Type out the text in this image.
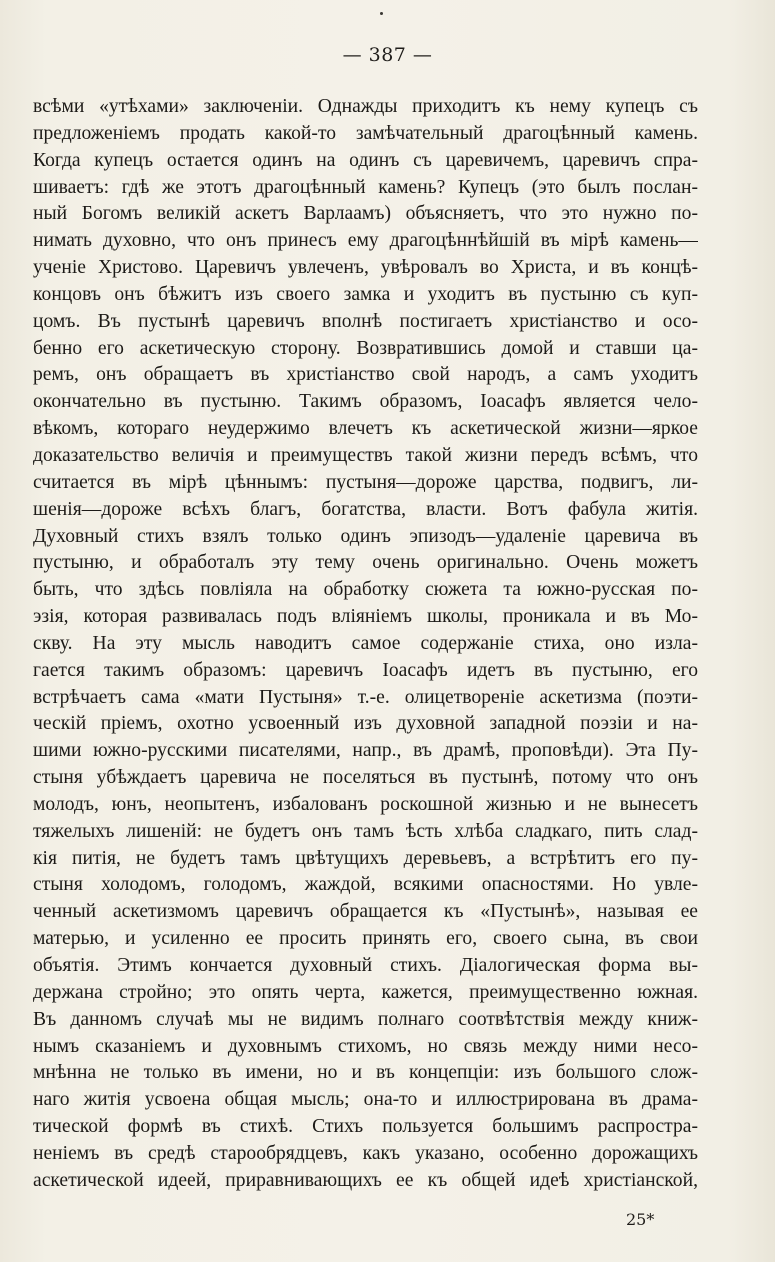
— 387 —
всѣми «утѣхами» заключенiи. Однажды приходитъ къ нему купецъ съ
предложенiемъ продать какой-то замѣчательный драгоцѣнный камень.
Когда купецъ остается одинъ на одинъ съ царевичемъ, царевичъ спра-
шиваетъ: гдѣ же этотъ драгоцѣнный камень? Купецъ (это былъ послан-
ный Богомъ великiй аскетъ Варлаамъ) объясняетъ, что это нужно по-
нимать духовно, что онъ принесъ ему драгоцѣннѣйшiй въ мiрѣ камень—
ученiе Христово. Царевичъ увлеченъ, увѣровалъ во Христа, и въ концѣ-
концовъ онъ бѣжитъ изъ своего замка и уходитъ въ пустыню съ куп-
цомъ. Въ пустынѣ царевичъ вполнѣ постигаетъ христiанство и осо-
бенно его аскетическую сторону. Возвратившись домой и ставши ца-
ремъ, онъ обращаетъ въ христiанство свой народъ, а самъ уходитъ
окончательно въ пустыню. Такимъ образомъ, Iоасафъ является чело-
вѣкомъ, котораго неудержимо влечетъ къ аскетической жизни—яркое
доказательство величiя и преимуществъ такой жизни передъ всѣмъ, что
считается въ мiрѣ цѣннымъ: пустыня—дороже царства, подвигъ, ли-
шенiя—дороже всѣхъ благъ, богатства, власти. Вотъ фабула житiя.
Духовный стихъ взялъ только одинъ эпизодъ—удаленiе царевича въ
пустыню, и обработалъ эту тему очень оригинально. Очень можетъ
быть, что здѣсь повлiяла на обработку сюжета та южно-русская по-
эзiя, которая развивалась подъ влiянiемъ школы, проникала и въ Мо-
скву. На эту мысль наводитъ самое содержанiе стиха, оно изла-
гается такимъ образомъ: царевичъ Iоасафъ идетъ въ пустыню, его
встрѣчаетъ сама «мати Пустыня» т.-е. олицетворенiе аскетизма (поэти-
ческiй прiемъ, охотно усвоенный изъ духовной западной поэзiи и на-
шими южно-русскими писателями, напр., въ драмѣ, проповѣди). Эта Пу-
стыня убѣждаетъ царевича не поселяться въ пустынѣ, потому что онъ
молодъ, юнъ, неопытенъ, избалованъ роскошной жизнью и не вынесетъ
тяжелыхъ лишенiй: не будетъ онъ тамъ ѣсть хлѣба сладкаго, пить слад-
кiя питiя, не будетъ тамъ цвѣтущихъ деревьевъ, а встрѣтитъ его пу-
стыня холодомъ, голодомъ, жаждой, всякими опасностями. Но увле-
ченный аскетизмомъ царевичъ обращается къ «Пустынѣ», называя ее
матерью, и усиленно ее просить принять его, своего сына, въ свои
объятiя. Этимъ кончается духовный стихъ. Дiалогическая форма вы-
держана стройно; это опять черта, кажется, преимущественно южная.
Въ данномъ случаѣ мы не видимъ полнаго соотвѣтствiя между книж-
нымъ сказанiемъ и духовнымъ стихомъ, но связь между ними несо-
мнѣнна не только въ имени, но и въ концепцiи: изъ большого слож-
наго житiя усвоена общая мысль; она-то и иллюстрирована въ драма-
тической формѣ въ стихѣ. Стихъ пользуется большимъ распростра-
ненiемъ въ средѣ старообрядцевъ, какъ указано, особенно дорожащихъ
аскетической идеей, приравнивающихъ ее къ общей идеѣ христiанской,
25*
